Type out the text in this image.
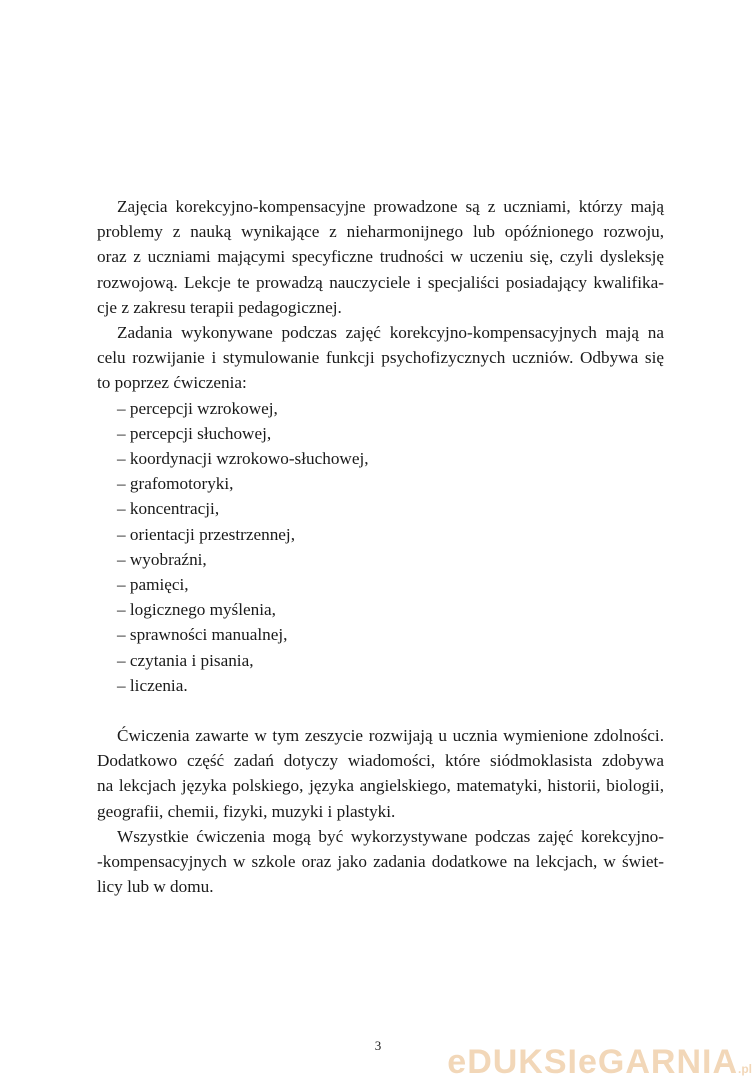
Zajęcia korekcyjno-kompensacyjne prowadzone są z uczniami, którzy mają
problemy z nauką wynikające z nieharmonijnego lub opóźnionego rozwoju,
oraz z uczniami mającymi specyficzne trudności w uczeniu się, czyli dysleksję
rozwojową. Lekcje te prowadzą nauczyciele i specjaliści posiadający kwalifika-
cje z zakresu terapii pedagogicznej.

Zadania wykonywane podczas zajęć korekcyjno-kompensacyjnych mają na
celu rozwijanie i stymulowanie funkcji psychofizycznych uczniów. Odbywa się
to poprzez ćwiczenia:

– percepcji wzrokowej,
– percepcji słuchowej,
– koordynacji wzrokowo-słuchowej,
– grafomotoryki,
– koncentracji,
– orientacji przestrzennej,
– wyobraźni,
– pamięci,
– logicznego myślenia,
– sprawności manualnej,
– czytania i pisania,
– liczenia.

Ćwiczenia zawarte w tym zeszycie rozwijają u ucznia wymienione zdolności.
Dodatkowo część zadań dotyczy wiadomości, które siódmoklasista zdobywa
na lekcjach języka polskiego, języka angielskiego, matematyki, historii, biologii,
geografii, chemii, fizyki, muzyki i plastyki.

Wszystkie ćwiczenia mogą być wykorzystywane podczas zajęć korekcyjno-
-kompensacyjnych w szkole oraz jako zadania dodatkowe na lekcjach, w świet-
licy lub w domu.

3	eDUKSIeGARNIA.pl
